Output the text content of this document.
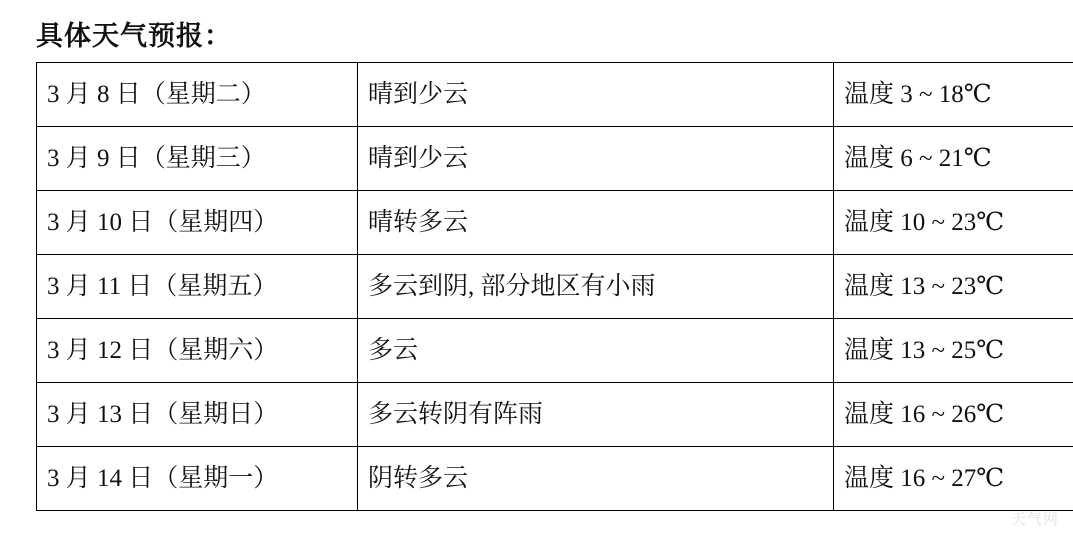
具体天气预报：
3 月 8 日（星期二）	晴到少云	温度 3 ~ 18℃
3 月 9 日（星期三）	晴到少云	温度 6 ~ 21℃
3 月 10 日（星期四）	晴转多云	温度 10 ~ 23℃
3 月 11 日（星期五）	多云到阴, 部分地区有小雨	温度 13 ~ 23℃
3 月 12 日（星期六）	多云	温度 13 ~ 25℃
3 月 13 日（星期日）	多云转阴有阵雨	温度 16 ~ 26℃
3 月 14 日（星期一）	阴转多云	温度 16 ~ 27℃
天气网
